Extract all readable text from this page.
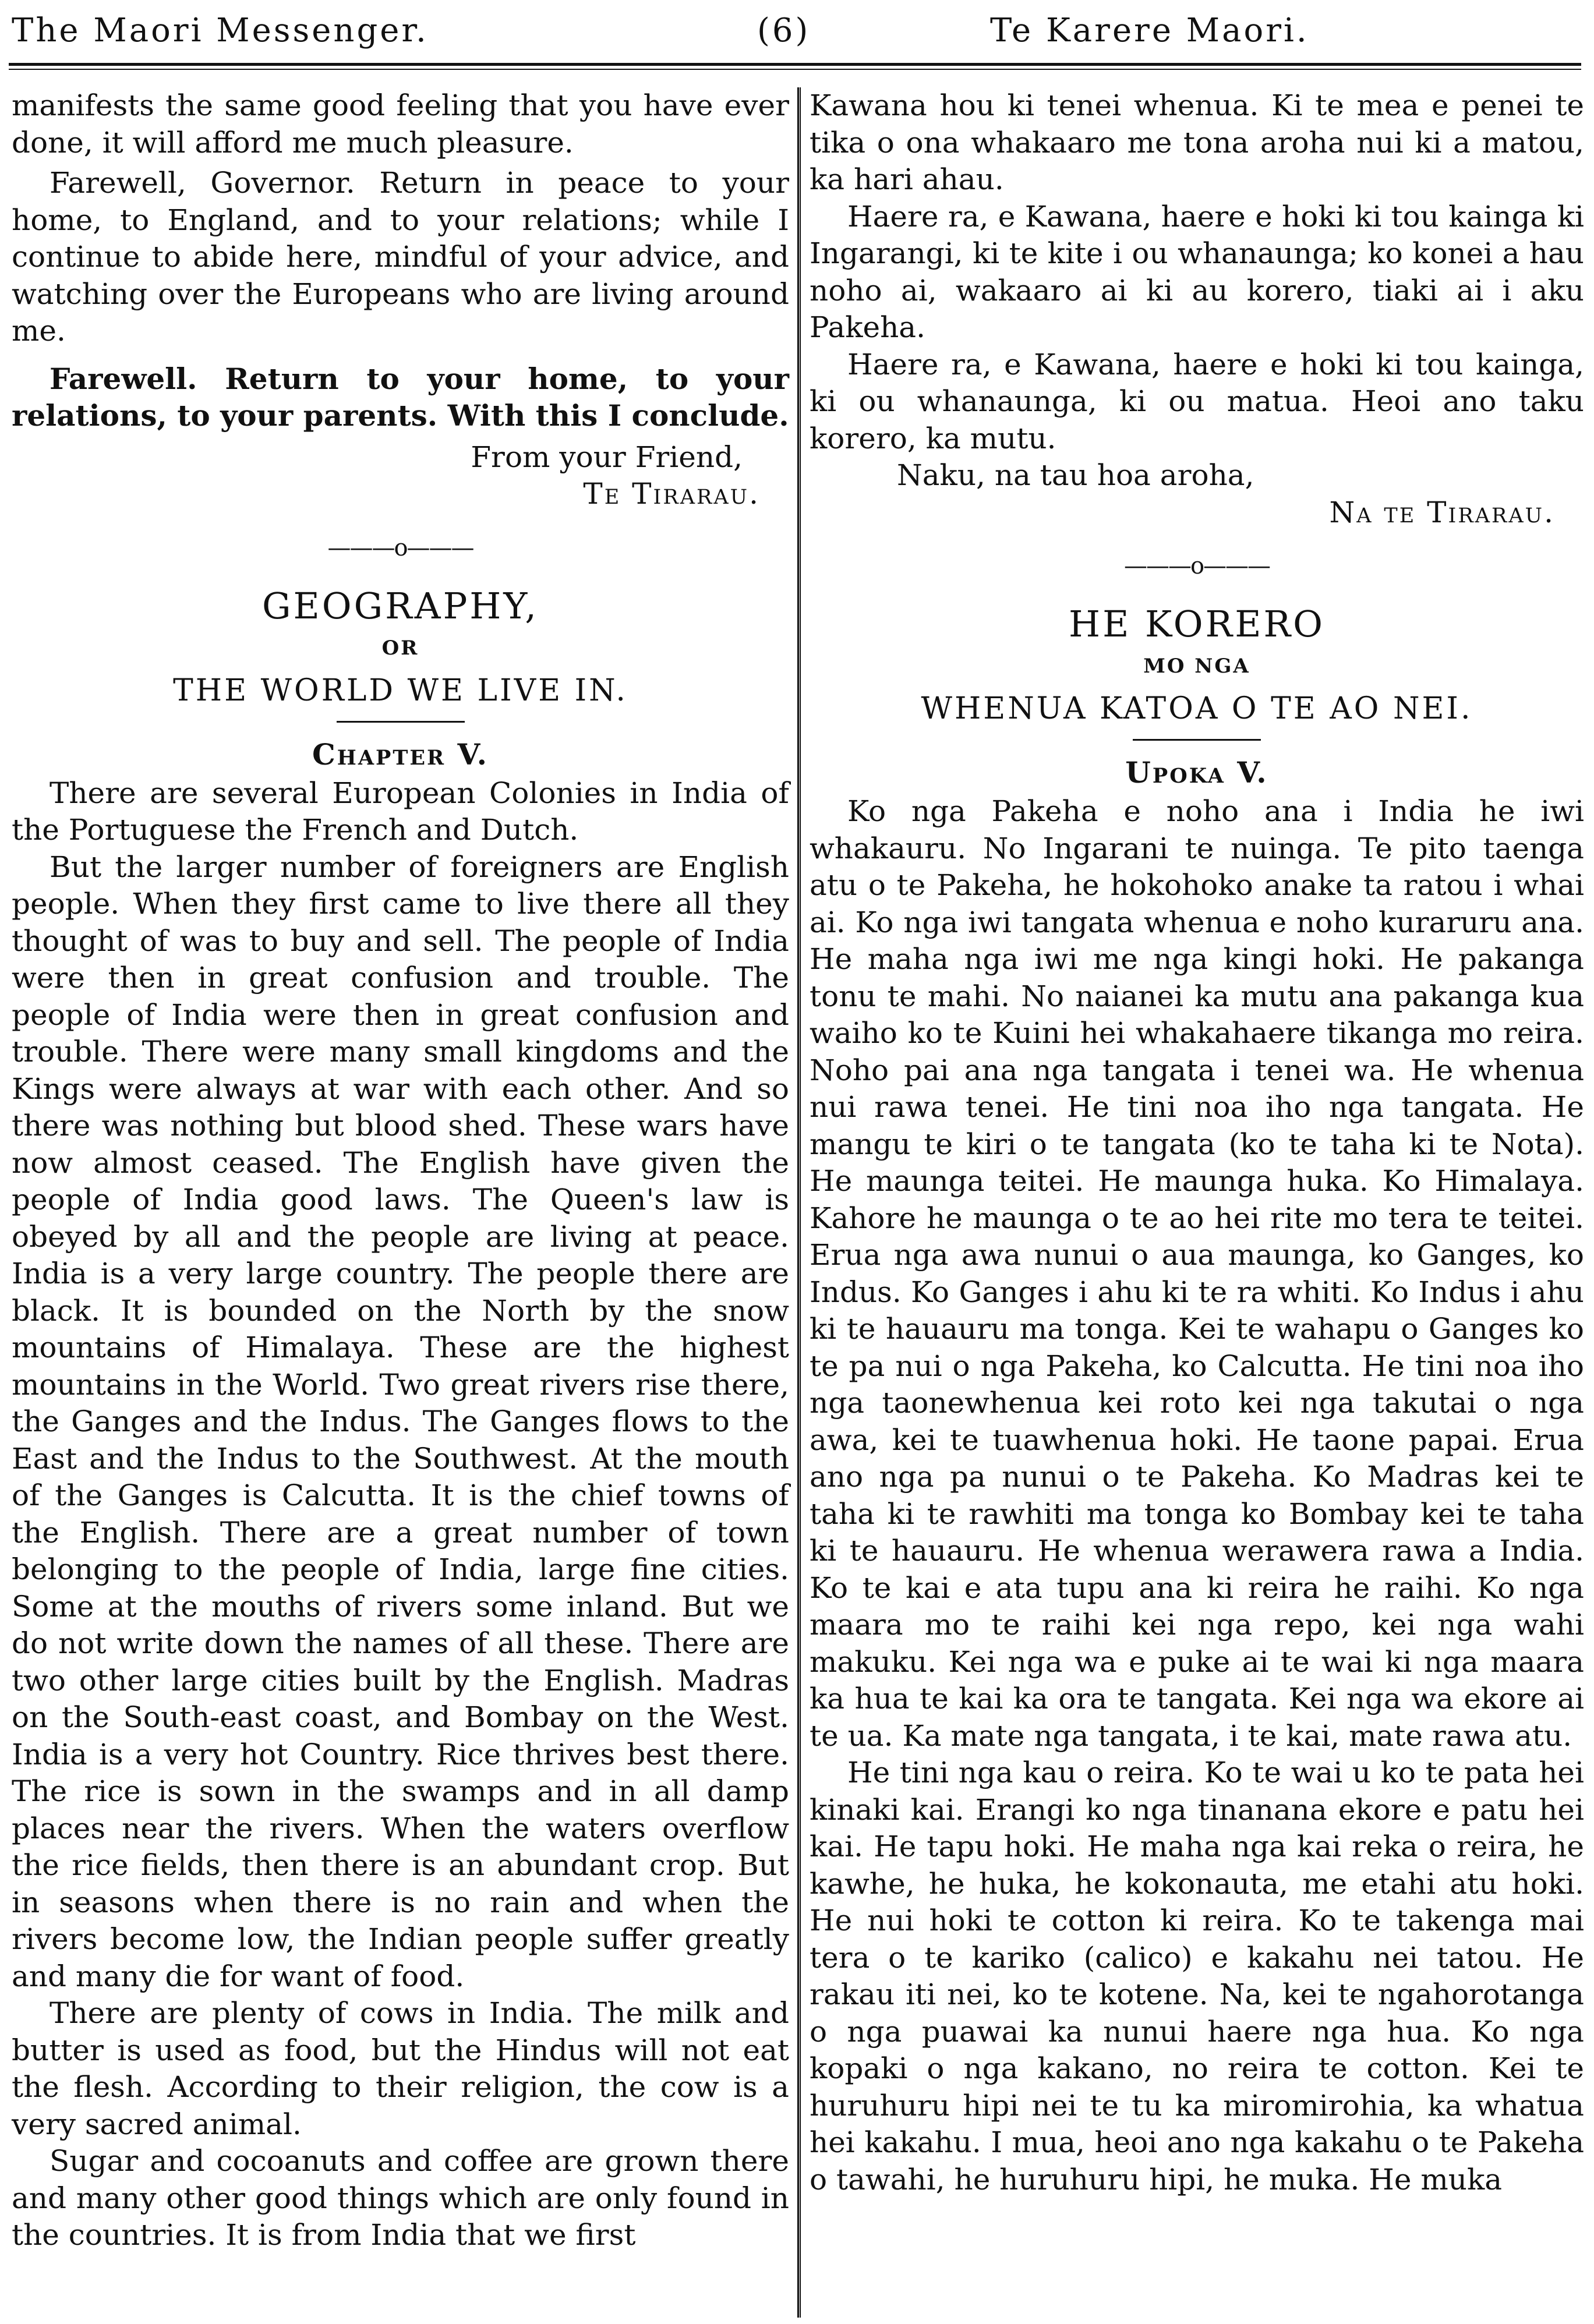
The Maori Messenger.	(6)	Te Karere Maori.

manifests the same good feeling that you have ever done, it will afford me much pleasure.

Farewell, Governor. Return in peace to your home, to England, and to your relations; while I continue to abide here, mindful of your advice, and watching over the Europeans who are living around me.

Farewell. Return to your home, to your relations, to your parents. With this I conclude.

From your Friend,
Te Tirarau.
———o———
GEOGRAPHY,
OR
THE WORLD WE LIVE IN.
Chapter V.

There are several European Colonies in India of the Portuguese the French and Dutch.

But the larger number of foreigners are English people. When they first came to live there all they thought of was to buy and sell. The people of India were then in great confusion and trouble. The people of India were then in great confusion and trouble. There were many small kingdoms and the Kings were always at war with each other. And so there was nothing but blood shed. These wars have now almost ceased. The English have given the people of India good laws. The Queen's law is obeyed by all and the people are living at peace. India is a very large country. The people there are black. It is bounded on the North by the snow mountains of Himalaya. These are the highest mountains in the World. Two great rivers rise there, the Ganges and the Indus. The Ganges flows to the East and the Indus to the Southwest. At the mouth of the Ganges is Calcutta. It is the chief towns of the English. There are a great number of town belonging to the people of India, large fine cities. Some at the mouths of rivers some inland. But we do not write down the names of all these. There are two other large cities built by the English. Madras on the South-east coast, and Bombay on the West. India is a very hot Country. Rice thrives best there. The rice is sown in the swamps and in all damp places near the rivers. When the waters overflow the rice fields, then there is an abundant crop. But in seasons when there is no rain and when the rivers become low, the Indian people suffer greatly and many die for want of food.

There are plenty of cows in India. The milk and butter is used as food, but the Hindus will not eat the flesh. According to their religion, the cow is a very sacred animal.

Sugar and cocoanuts and coffee are grown there and many other good things which are only found in the countries. It is from India that we first

Kawana hou ki tenei whenua. Ki te mea e penei te tika o ona whakaaro me tona aroha nui ki a matou, ka hari ahau.

Haere ra, e Kawana, haere e hoki ki tou kainga ki Ingarangi, ki te kite i ou whanaunga; ko konei a hau noho ai, wakaaro ai ki au korero, tiaki ai i aku Pakeha.

Haere ra, e Kawana, haere e hoki ki tou kainga, ki ou whanaunga, ki ou matua. Heoi ano taku korero, ka mutu.

Naku, na tau hoa aroha,
Na te Tirarau.
———o———
HE KORERO
MO NGA
WHENUA KATOA O TE AO NEI.
Upoka V.

Ko nga Pakeha e noho ana i India he iwi whakauru. No Ingarani te nuinga. Te pito taenga atu o te Pakeha, he hokohoko anake ta ratou i whai ai. Ko nga iwi tangata whenua e noho kuraruru ana. He maha nga iwi me nga kingi hoki. He pakanga tonu te mahi. No naianei ka mutu ana pakanga kua waiho ko te Kuini hei whakahaere tikanga mo reira. Noho pai ana nga tangata i tenei wa. He whenua nui rawa tenei. He tini noa iho nga tangata. He mangu te kiri o te tangata (ko te taha ki te Nota). He maunga teitei. He maunga huka. Ko Himalaya. Kahore he maunga o te ao hei rite mo tera te teitei. Erua nga awa nunui o aua maunga, ko Ganges, ko Indus. Ko Ganges i ahu ki te ra whiti. Ko Indus i ahu ki te hauauru ma tonga. Kei te wahapu o Ganges ko te pa nui o nga Pakeha, ko Calcutta. He tini noa iho nga taonewhenua kei roto kei nga takutai o nga awa, kei te tuawhenua hoki. He taone papai. Erua ano nga pa nunui o te Pakeha. Ko Madras kei te taha ki te rawhiti ma tonga ko Bombay kei te taha ki te hauauru. He whenua werawera rawa a India. Ko te kai e ata tupu ana ki reira he raihi. Ko nga maara mo te raihi kei nga repo, kei nga wahi makuku. Kei nga wa e puke ai te wai ki nga maara ka hua te kai ka ora te tangata. Kei nga wa ekore ai te ua. Ka mate nga tangata, i te kai, mate rawa atu.

He tini nga kau o reira. Ko te wai u ko te pata hei kinaki kai. Erangi ko nga tinanana ekore e patu hei kai. He tapu hoki. He maha nga kai reka o reira, he kawhe, he huka, he kokonauta, me etahi atu hoki. He nui hoki te cotton ki reira. Ko te takenga mai tera o te kariko (calico) e kakahu nei tatou. He rakau iti nei, ko te kotene. Na, kei te ngahorotanga o nga puawai ka nunui haere nga hua. Ko nga kopaki o nga kakano, no reira te cotton. Kei te huruhuru hipi nei te tu ka miromirohia, ka whatua hei kakahu. I mua, heoi ano nga kakahu o te Pakeha o tawahi, he huruhuru hipi, he muka. He muka
